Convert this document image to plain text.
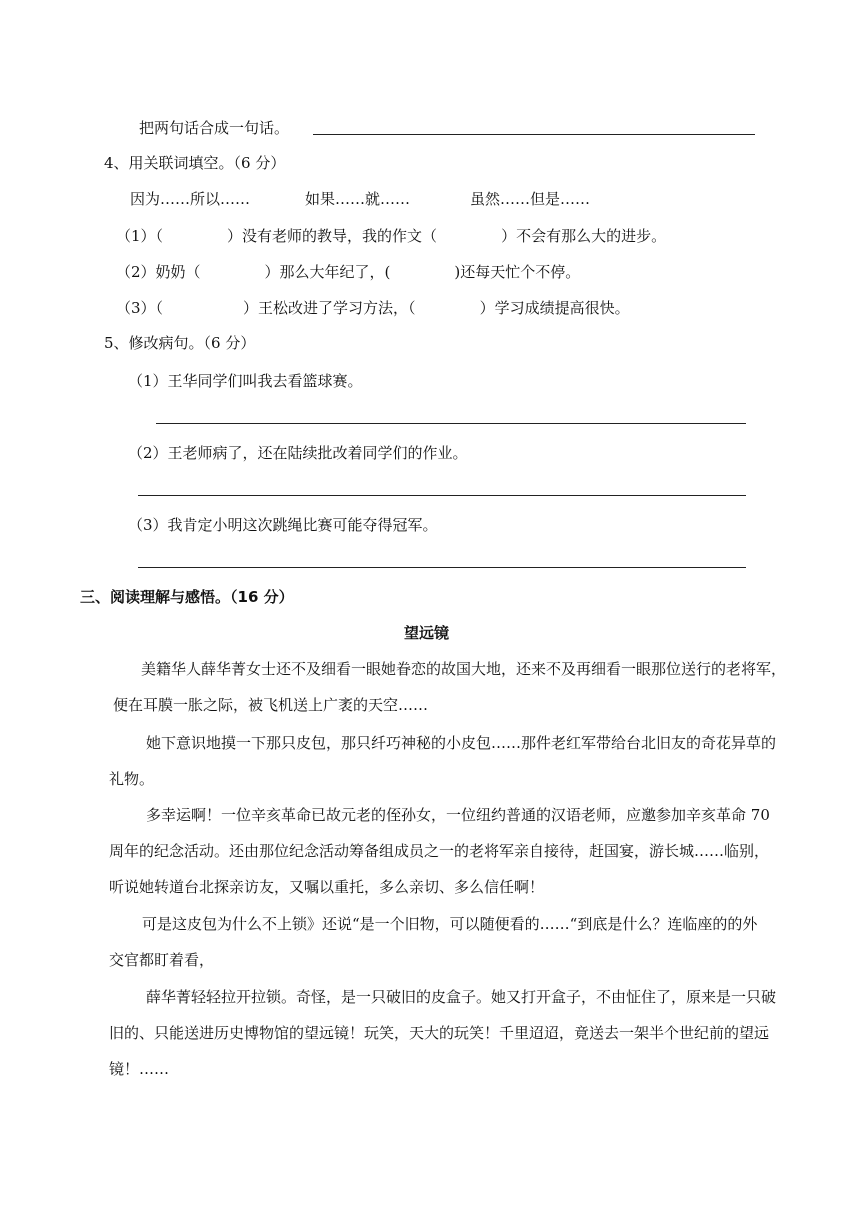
把两句话合成一句话。
4、用关联词填空。（6 分）
因为……所以……	如果……就……	虽然……但是……
（1）（	）没有老师的教导，我的作文（	）不会有那么大的进步。
（2）奶奶（	）那么大年纪了，(	)还每天忙个不停。
（3）（	）王松改进了学习方法，（	）学习成绩提高很快。
5、修改病句。（6 分）
（1）王华同学们叫我去看篮球赛。
（2）王老师病了，还在陆续批改着同学们的作业。
（3）我肯定小明这次跳绳比赛可能夺得冠军。
三、阅读理解与感悟。（16 分）
望远镜
美籍华人薛华菁女士还不及细看一眼她眷恋的故国大地，还来不及再细看一眼那位送行的老将军，
便在耳膜一胀之际，被飞机送上广袤的天空……
她下意识地摸一下那只皮包，那只纤巧神秘的小皮包……那件老红军带给台北旧友的奇花异草的
礼物。
多幸运啊！一位辛亥革命已故元老的侄孙女，一位纽约普通的汉语老师，应邀参加辛亥革命 70
周年的纪念活动。还由那位纪念活动筹备组成员之一的老将军亲自接待，赶国宴，游长城……临别，
听说她转道台北探亲访友，又嘱以重托，多么亲切、多么信任啊！
可是这皮包为什么不上锁》还说“是一个旧物，可以随便看的……“到底是什么？连临座的的外
交官都盯着看，
薛华菁轻轻拉开拉锁。奇怪，是一只破旧的皮盒子。她又打开盒子，不由怔住了，原来是一只破
旧的、只能送进历史博物馆的望远镜！玩笑，天大的玩笑！千里迢迢，竟送去一架半个世纪前的望远
镜！……
